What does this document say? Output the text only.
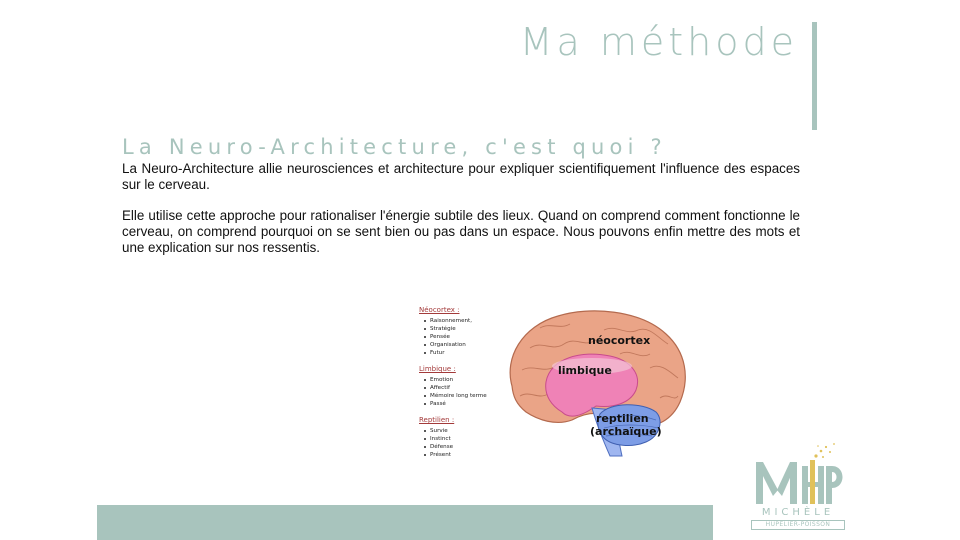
Ma méthode
La Neuro-Architecture, c'est quoi ?

La Neuro-Architecture allie neurosciences et architecture pour expliquer scientifiquement l'influence des espaces sur le cerveau.

Elle utilise cette approche pour rationaliser l'énergie subtile des lieux. Quand on comprend comment fonctionne le cerveau, on comprend pourquoi on se sent bien ou pas dans un espace. Nous pouvons enfin mettre des mots et une explication sur nos ressentis.

Néocortex :
Raisonnement,
Stratégie
Pensée
Organisation
Futur
Limbique :
Emotion
Affectif
Mémoire long terme
Passé
Reptilien :
Survie
Instinct
Défense
Présent
néocortex
limbique
reptilien
(archaïque)
MICHÈLE
HUPELIER-POISSON
